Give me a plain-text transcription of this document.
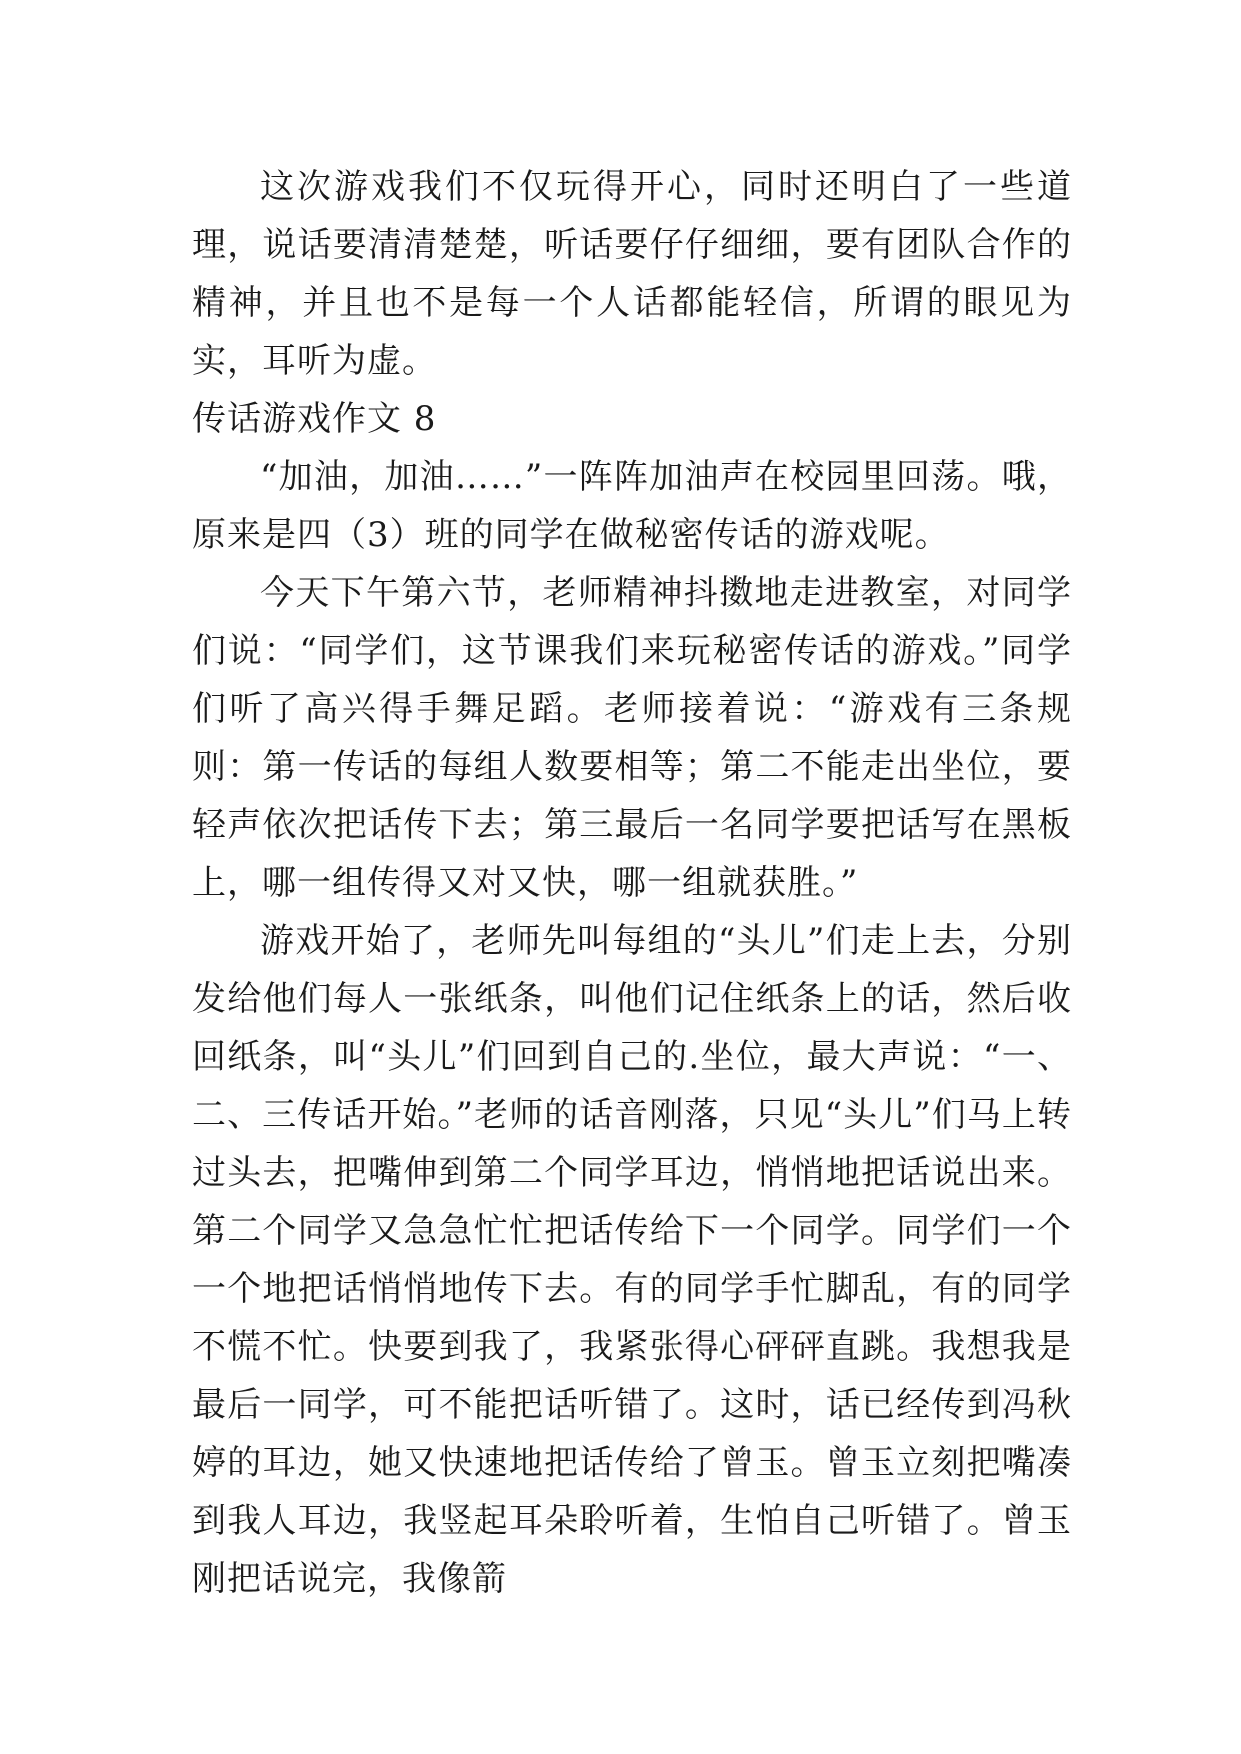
这次游戏我们不仅玩得开心，同时还明白了一些道理，说话要清清楚楚，听话要仔仔细细，要有团队合作的精神，并且也不是每一个人话都能轻信，所谓的眼见为实，耳听为虚。

传话游戏作文 8

“加油，加油……”一阵阵加油声在校园里回荡。哦，原来是四（3）班的同学在做秘密传话的游戏呢。

今天下午第六节，老师精神抖擞地走进教室，对同学们说：“同学们，这节课我们来玩秘密传话的游戏。”同学们听了高兴得手舞足蹈。老师接着说：“游戏有三条规则：第一传话的每组人数要相等；第二不能走出坐位，要轻声依次把话传下去；第三最后一名同学要把话写在黑板上，哪一组传得又对又快，哪一组就获胜。”

游戏开始了，老师先叫每组的“头儿”们走上去，分别发给他们每人一张纸条，叫他们记住纸条上的话，然后收回纸条，叫“头儿”们回到自己的.坐位，最大声说：“一、二、三传话开始。”老师的话音刚落，只见“头儿”们马上转过头去，把嘴伸到第二个同学耳边，悄悄地把话说出来。第二个同学又急急忙忙把话传给下一个同学。同学们一个一个地把话悄悄地传下去。有的同学手忙脚乱，有的同学不慌不忙。快要到我了，我紧张得心砰砰直跳。我想我是最后一同学，可不能把话听错了。这时，话已经传到冯秋婷的耳边，她又快速地把话传给了曾玉。曾玉立刻把嘴凑到我人耳边，我竖起耳朵聆听着，生怕自己听错了。曾玉刚把话说完，我像箭
